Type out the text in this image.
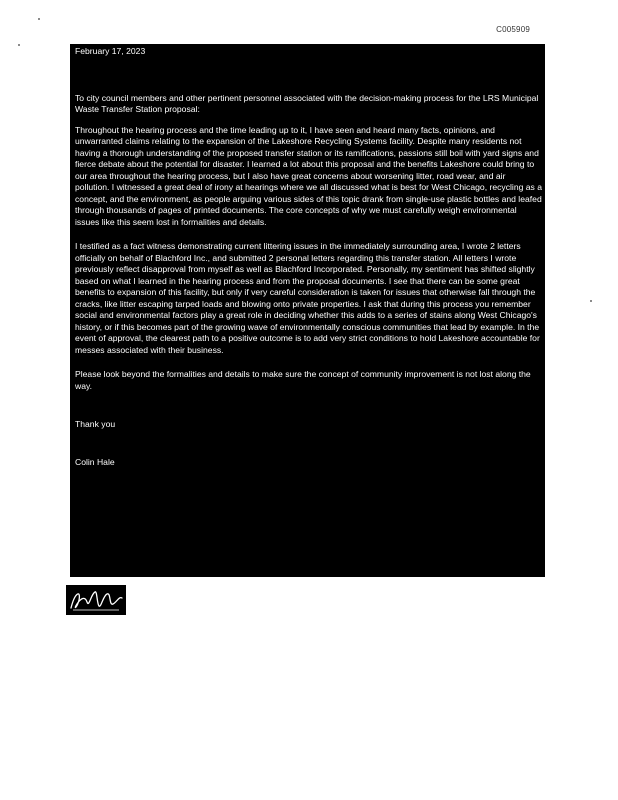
C005909
February 17, 2023

To city council members and other pertinent personnel associated with the decision-making process for the LRS Municipal Waste Transfer Station proposal:

Throughout the hearing process and the time leading up to it, I have seen and heard many facts, opinions, and unwarranted claims relating to the expansion of the Lakeshore Recycling Systems facility. Despite many residents not having a thorough understanding of the proposed transfer station or its ramifications, passions still boil with yard signs and fierce debate about the potential for disaster. I learned a lot about this proposal and the benefits Lakeshore could bring to our area throughout the hearing process, but I also have great concerns about worsening litter, road wear, and air pollution. I witnessed a great deal of irony at hearings where we all discussed what is best for West Chicago, recycling as a concept, and the environment, as people arguing various sides of this topic drank from single-use plastic bottles and leafed through thousands of pages of printed documents. The core concepts of why we must carefully weigh environmental issues like this seem lost in formalities and details.

I testified as a fact witness demonstrating current littering issues in the immediately surrounding area, I wrote 2 letters officially on behalf of Blachford Inc., and submitted 2 personal letters regarding this transfer station. All letters I wrote previously reflect disapproval from myself as well as Blachford Incorporated. Personally, my sentiment has shifted slightly based on what I learned in the hearing process and from the proposal documents. I see that there can be some great benefits to expansion of this facility, but only if very careful consideration is taken for issues that otherwise fall through the cracks, like litter escaping tarped loads and blowing onto private properties. I ask that during this process you remember social and environmental factors play a great role in deciding whether this adds to a series of stains along West Chicago's history, or if this becomes part of the growing wave of environmentally conscious communities that lead by example. In the event of approval, the clearest path to a positive outcome is to add very strict conditions to hold Lakeshore accountable for messes associated with their business.

Please look beyond the formalities and details to make sure the concept of community improvement is not lost along the way.

Thank you
Colin Hale
